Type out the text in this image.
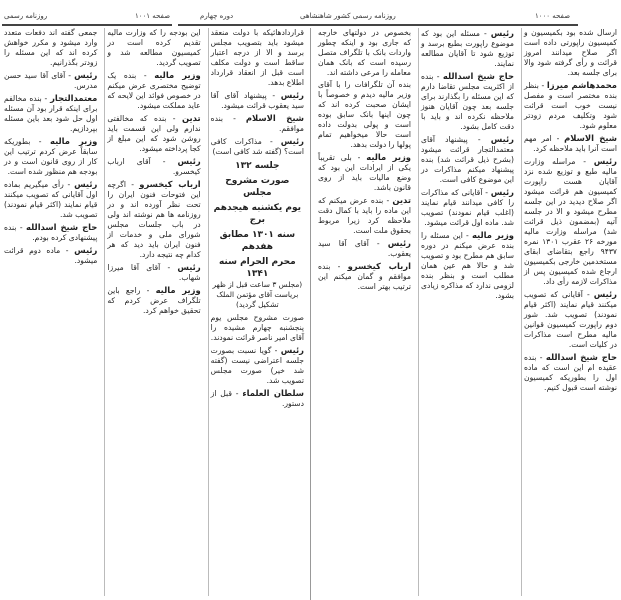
روزنامه رسمی	صفحه ۱۰۰۱	دوره چهارم	روزنامه رسمی کشور شاهنشاهی	صفحه ۱۰۰۰
قراردادهائیکه با دولت منعقد میشود باید بتصویب مجلس برسد و الا از درجه اعتبار ساقط است و دولت مکلف است قبل از انعقاد قرارداد اطلاع بدهد.
رئیس - پیشنهاد آقای آقا سید یعقوب قرائت میشود.
شیخ الاسلام - بنده موافقم.
رئیس - مذاکرات کافی است؟ (گفته شد کافی است)
جلسه ۱۳۲
صورت مشروح مجلس
یوم یکشنبه هیجدهم برج
سنه ۱۳۰۱ مطابق هفدهم
محرم الحرام سنه ۱۳۴۱
(مجلس ۳ ساعت قبل از ظهر بریاست آقای مؤتمن الملک تشکیل گردید)
صورت مشروح مجلس یوم پنجشنبه چهارم مشیده را آقای امیر ناصر قرائت نمودند.
رئیس - گویا نسبت بصورت جلسه اعتراضی نیست (گفته شد خیر) صورت مجلس تصویب شد.
سلطان العلماء - قبل از دستور.
این بودجه را که وزارت مالیه تقدیم کرده است در کمیسیون مطالعه شد و تصویب گردید.
وزیر مالیه - بنده یک توضیح مختصری عرض میکنم در خصوص فوائد این لایحه که عاید مملکت میشود.
تدین - بنده که مخالفتی ندارم ولی این قسمت باید روشن شود که این مبلغ از کجا پرداخته میشود.
رئیس - آقای ارباب کیخسرو.
ارباب کیخسرو - اگرچه این فتوحات فنون ایران را تحت نظر آورده اند و در روزنامه ها هم نوشته اند ولی در باب جلسات مجلس شورای ملی و خدمات از فنون ایران باید دید که هر کدام چه نتیجه دارد.
رئیس - آقای آقا میرزا شهاب.
وزیر مالیه - راجع باین تلگراف عرض کردم که تحقیق خواهم کرد.
جمعی گفته اند دفعات متعدد وارد میشود و مکرر خواهش کرده اند که این مسئله را زودتر بگذرانیم.
رئیس - آقای آقا سید حسن مدرس.
معتمدالتجار - بنده مخالفم برای اینکه قرار بود آن مسئله اول حل شود بعد باین مسئله بپردازیم.
وزیر مالیه - بطوریکه سابقاً عرض کردم ترتیب این کار از روی قانون است و در بودجه هم منظور شده است.
رئیس - رأی میگیریم بماده اول آقایانی که تصویب میکنند قیام نمایند (اکثر قیام نمودند) تصویب شد.
حاج شیخ اسدالله - بنده پیشنهادی کرده بودم.
رئیس - ماده دوم قرائت میشود.
ارسال شده بود بکمیسیون و کمیسیون راپورتی داده است اگر صلاح میدانند امروز قرائت و رأی گرفته شود والا برای جلسه بعد.
محمدهاشم میرزا - بنظر بنده مختصر است و مفصل نیست خوب است قرائت شود وتکلیف مردم زودتر معلوم شود.
شیخ الاسلام - امر مهم است آنرا باید ملاحظه کرد.
رئیس - مراسله وزارت مالیه طبع و توزیع شده نزد آقایان هست راپورت کمیسیون هم قرائت میشود اگر صلاح دیدید در این جلسه مطرح میشود و الا در جلسه آتیه (بمضمون ذیل قرائت شد) مراسله وزارت مالیه مورخه ۲۶ عقرب ۱۳۰۱ نمره ۹۴۳۷ راجع بتقاضای ابقای مستخدمین خارجی بکمیسیون ارجاع شده کمیسیون پس از مذاکرات لازمه رأی داد.
رئیس - آقایانی که تصویب میکنند قیام نمایند (اکثر قیام نمودند) تصویب شد. شور دوم راپورت کمیسیون قوانین مالیه مطرح است مذاکرات در کلیات است.
حاج شیخ اسدالله - بنده عقیده ام این است که ماده اول را بطوریکه کمیسیون نوشته است قبول کنیم.
رئیس - مسئله این بود که موضوع راپورت بطبع برسد و توزیع شود تا آقایان مطالعه نمایند.
حاج شیخ اسدالله - بنده از اکثریت مجلس تقاضا دارم که این مسئله را بگذارند برای جلسه بعد چون آقایان هنوز ملاحظه نکرده اند و باید با دقت کامل بشود.
رئیس - پیشنهاد آقای معتمدالتجار قرائت میشود (بشرح ذیل قرائت شد) بنده پیشنهاد میکنم مذاکرات در این موضوع کافی است.
رئیس - آقایانی که مذاکرات را کافی میدانند قیام نمایند (اغلب قیام نمودند) تصویب شد. ماده اول قرائت میشود.
وزیر مالیه - این مسئله را بنده عرض میکنم در دوره سابق هم مطرح بود و تصویب شد و حالا هم عین همان مطلب است و بنظر بنده لزومی ندارد که مذاکره زیادی بشود.
بخصوص در دولتهای خارجه که جاری بود و اینکه چطور واردات بانک با تلگراف متصل رسیده است که بانک همان معامله را مرعی داشته اند.
بنده آن تلگرافات را با آقای وزیر مالیه دیدم و خصوصاً با ایشان صحبت کرده اند که چون اینها بانک سابق بوده است و پولی بدولت داده است حالا میخواهیم تمام پولها را دولت بدهد.
وزیر مالیه - بلی تقریباً یکی از ایرادات این بود که وضع مالیات باید از روی قانون باشد.
تدین - بنده عرض میکنم که این ماده را باید با کمال دقت ملاحظه کرد زیرا مربوط بحقوق ملت است.
رئیس - آقای آقا سید یعقوب.
ارباب کیخسرو - بنده موافقم و گمان میکنم این ترتیب بهتر است.
